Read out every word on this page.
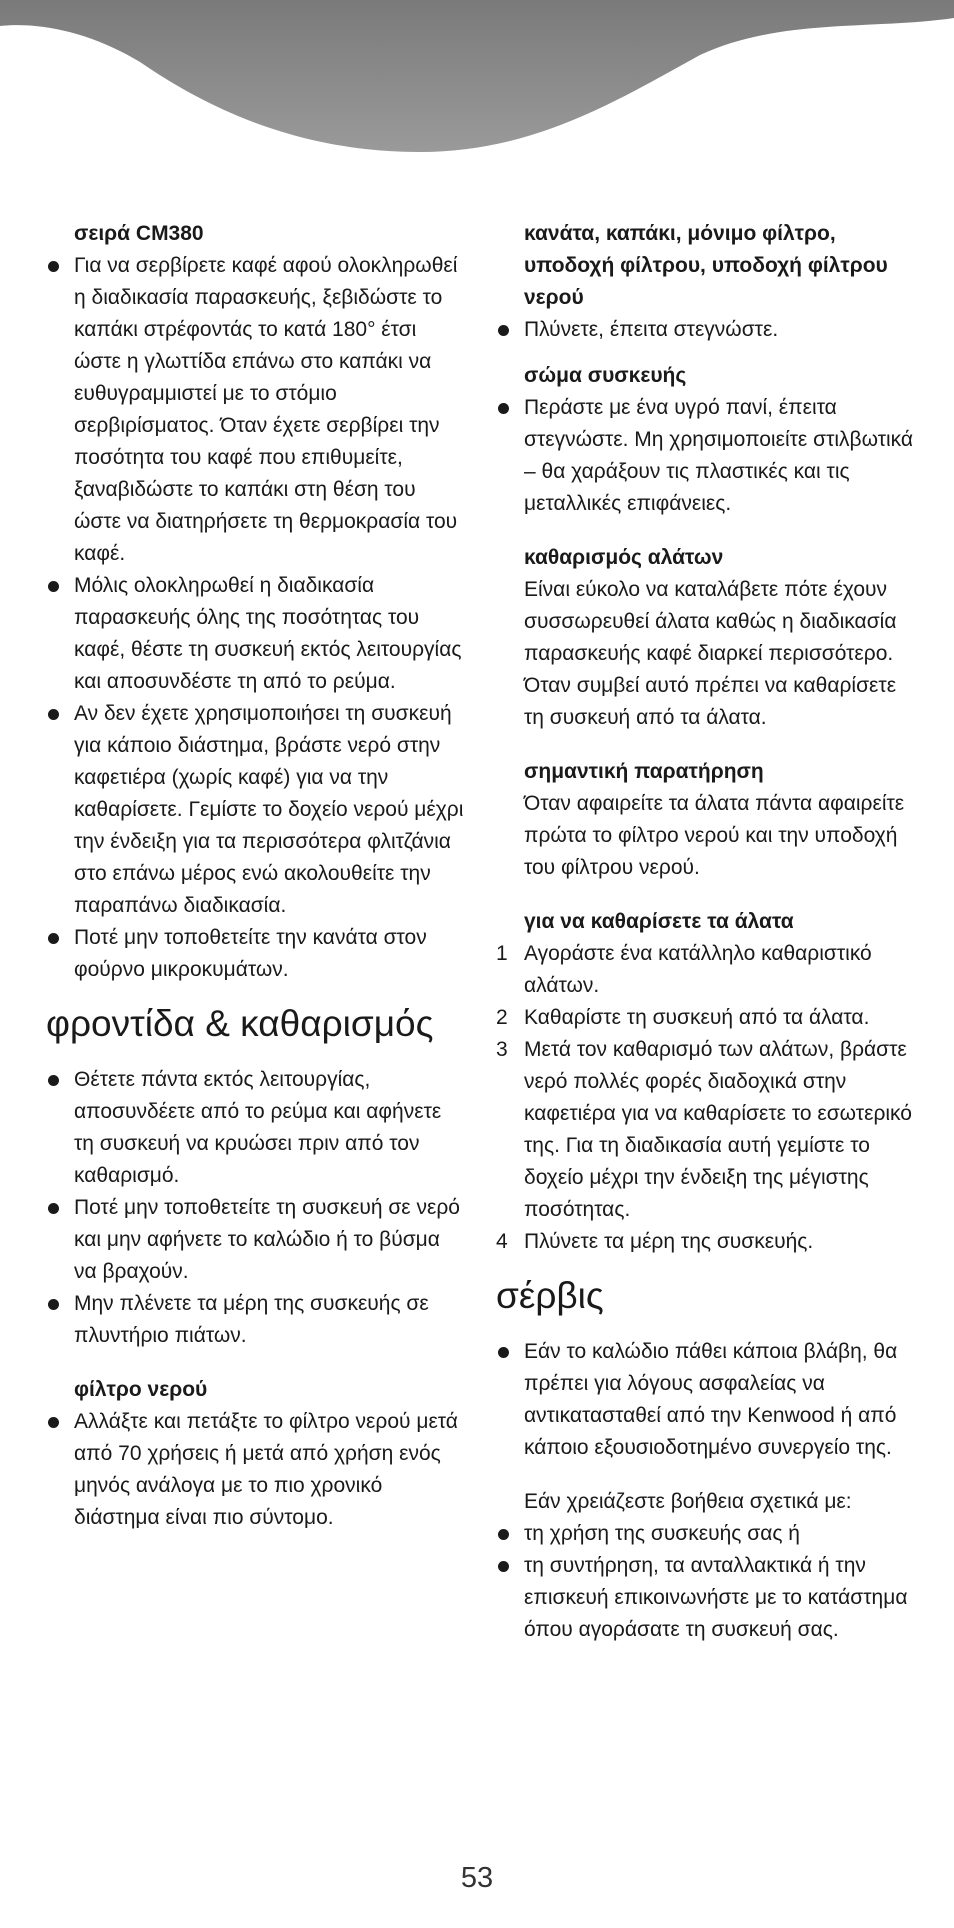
σειρά CM380

Για να σερβίρετε καφέ αφού ολοκληρωθεί η διαδικασία παρασκευής, ξεβιδώστε το καπάκι στρέφοντάς το κατά 180° έτσι ώστε η γλωττίδα επάνω στο καπάκι να ευθυγραμμιστεί με το στόμιο σερβιρίσματος. Όταν έχετε σερβίρει την ποσότητα του καφέ που επιθυμείτε, ξαναβιδώστε το καπάκι στη θέση του ώστε να διατηρήσετε τη θερμοκρασία του καφέ.
Μόλις ολοκληρωθεί η διαδικασία παρασκευής όλης της ποσότητας του καφέ, θέστε τη συσκευή εκτός λειτουργίας και αποσυνδέστε τη από το ρεύμα.
Αν δεν έχετε χρησιμοποιήσει τη συσκευή για κάποιο διάστημα, βράστε νερό στην καφετιέρα (χωρίς καφέ) για να την καθαρίσετε. Γεμίστε το δοχείο νερού μέχρι την ένδειξη για τα περισσότερα φλιτζάνια στο επάνω μέρος ενώ ακολουθείτε την παραπάνω διαδικασία.
Ποτέ μην τοποθετείτε την κανάτα στον φούρνο μικροκυμάτων.
φροντίδα & καθαρισμός
Θέτετε πάντα εκτός λειτουργίας, αποσυνδέετε από το ρεύμα και αφήνετε τη συσκευή να κρυώσει πριν από τον καθαρισμό.
Ποτέ μην τοποθετείτε τη συσκευή σε νερό και μην αφήνετε το καλώδιο ή το βύσμα να βραχούν.
Μην πλένετε τα μέρη της συσκευής σε πλυντήριο πιάτων.

φίλτρο νερού

Αλλάξτε και πετάξτε το φίλτρο νερού μετά από 70 χρήσεις ή μετά από χρήση ενός μηνός ανάλογα με το πιο χρονικό διάστημα είναι πιο σύντομο.

κανάτα, καπάκι, μόνιμο φίλτρο, υποδοχή φίλτρου, υποδοχή φίλτρου νερού

Πλύνετε, έπειτα στεγνώστε.

σώμα συσκευής

Περάστε με ένα υγρό πανί, έπειτα στεγνώστε. Μη χρησιμοποιείτε στιλβωτικά – θα χαράξουν τις πλαστικές και τις μεταλλικές επιφάνειες.

καθαρισμός αλάτων

Είναι εύκολο να καταλάβετε πότε έχουν συσσωρευθεί άλατα καθώς η διαδικασία παρασκευής καφέ διαρκεί περισσότερο. Όταν συμβεί αυτό πρέπει να καθαρίσετε τη συσκευή από τα άλατα.

σημαντική παρατήρηση

Όταν αφαιρείτε τα άλατα πάντα αφαιρείτε πρώτα το φίλτρο νερού και την υποδοχή του φίλτρου νερού.

για να καθαρίσετε τα άλατα

1 Αγοράστε ένα κατάλληλο καθαριστικό αλάτων.
2 Καθαρίστε τη συσκευή από τα άλατα.
3 Μετά τον καθαρισμό των αλάτων, βράστε νερό πολλές φορές διαδοχικά στην καφετιέρα για να καθαρίσετε το εσωτερικό της. Για τη διαδικασία αυτή γεμίστε το δοχείο μέχρι την ένδειξη της μέγιστης ποσότητας.
4 Πλύνετε τα μέρη της συσκευής.
σέρβις
Εάν το καλώδιο πάθει κάποια βλάβη, θα πρέπει για λόγους ασφαλείας να αντικατασταθεί από την Kenwood ή από κάποιο εξουσιοδοτημένο συνεργείο της.

Εάν χρειάζεστε βοήθεια σχετικά με:

τη χρήση της συσκευής σας ή
τη συντήρηση, τα ανταλλακτικά ή την επισκευή επικοινωνήστε με το κατάστημα όπου αγοράσατε τη συσκευή σας.
53
